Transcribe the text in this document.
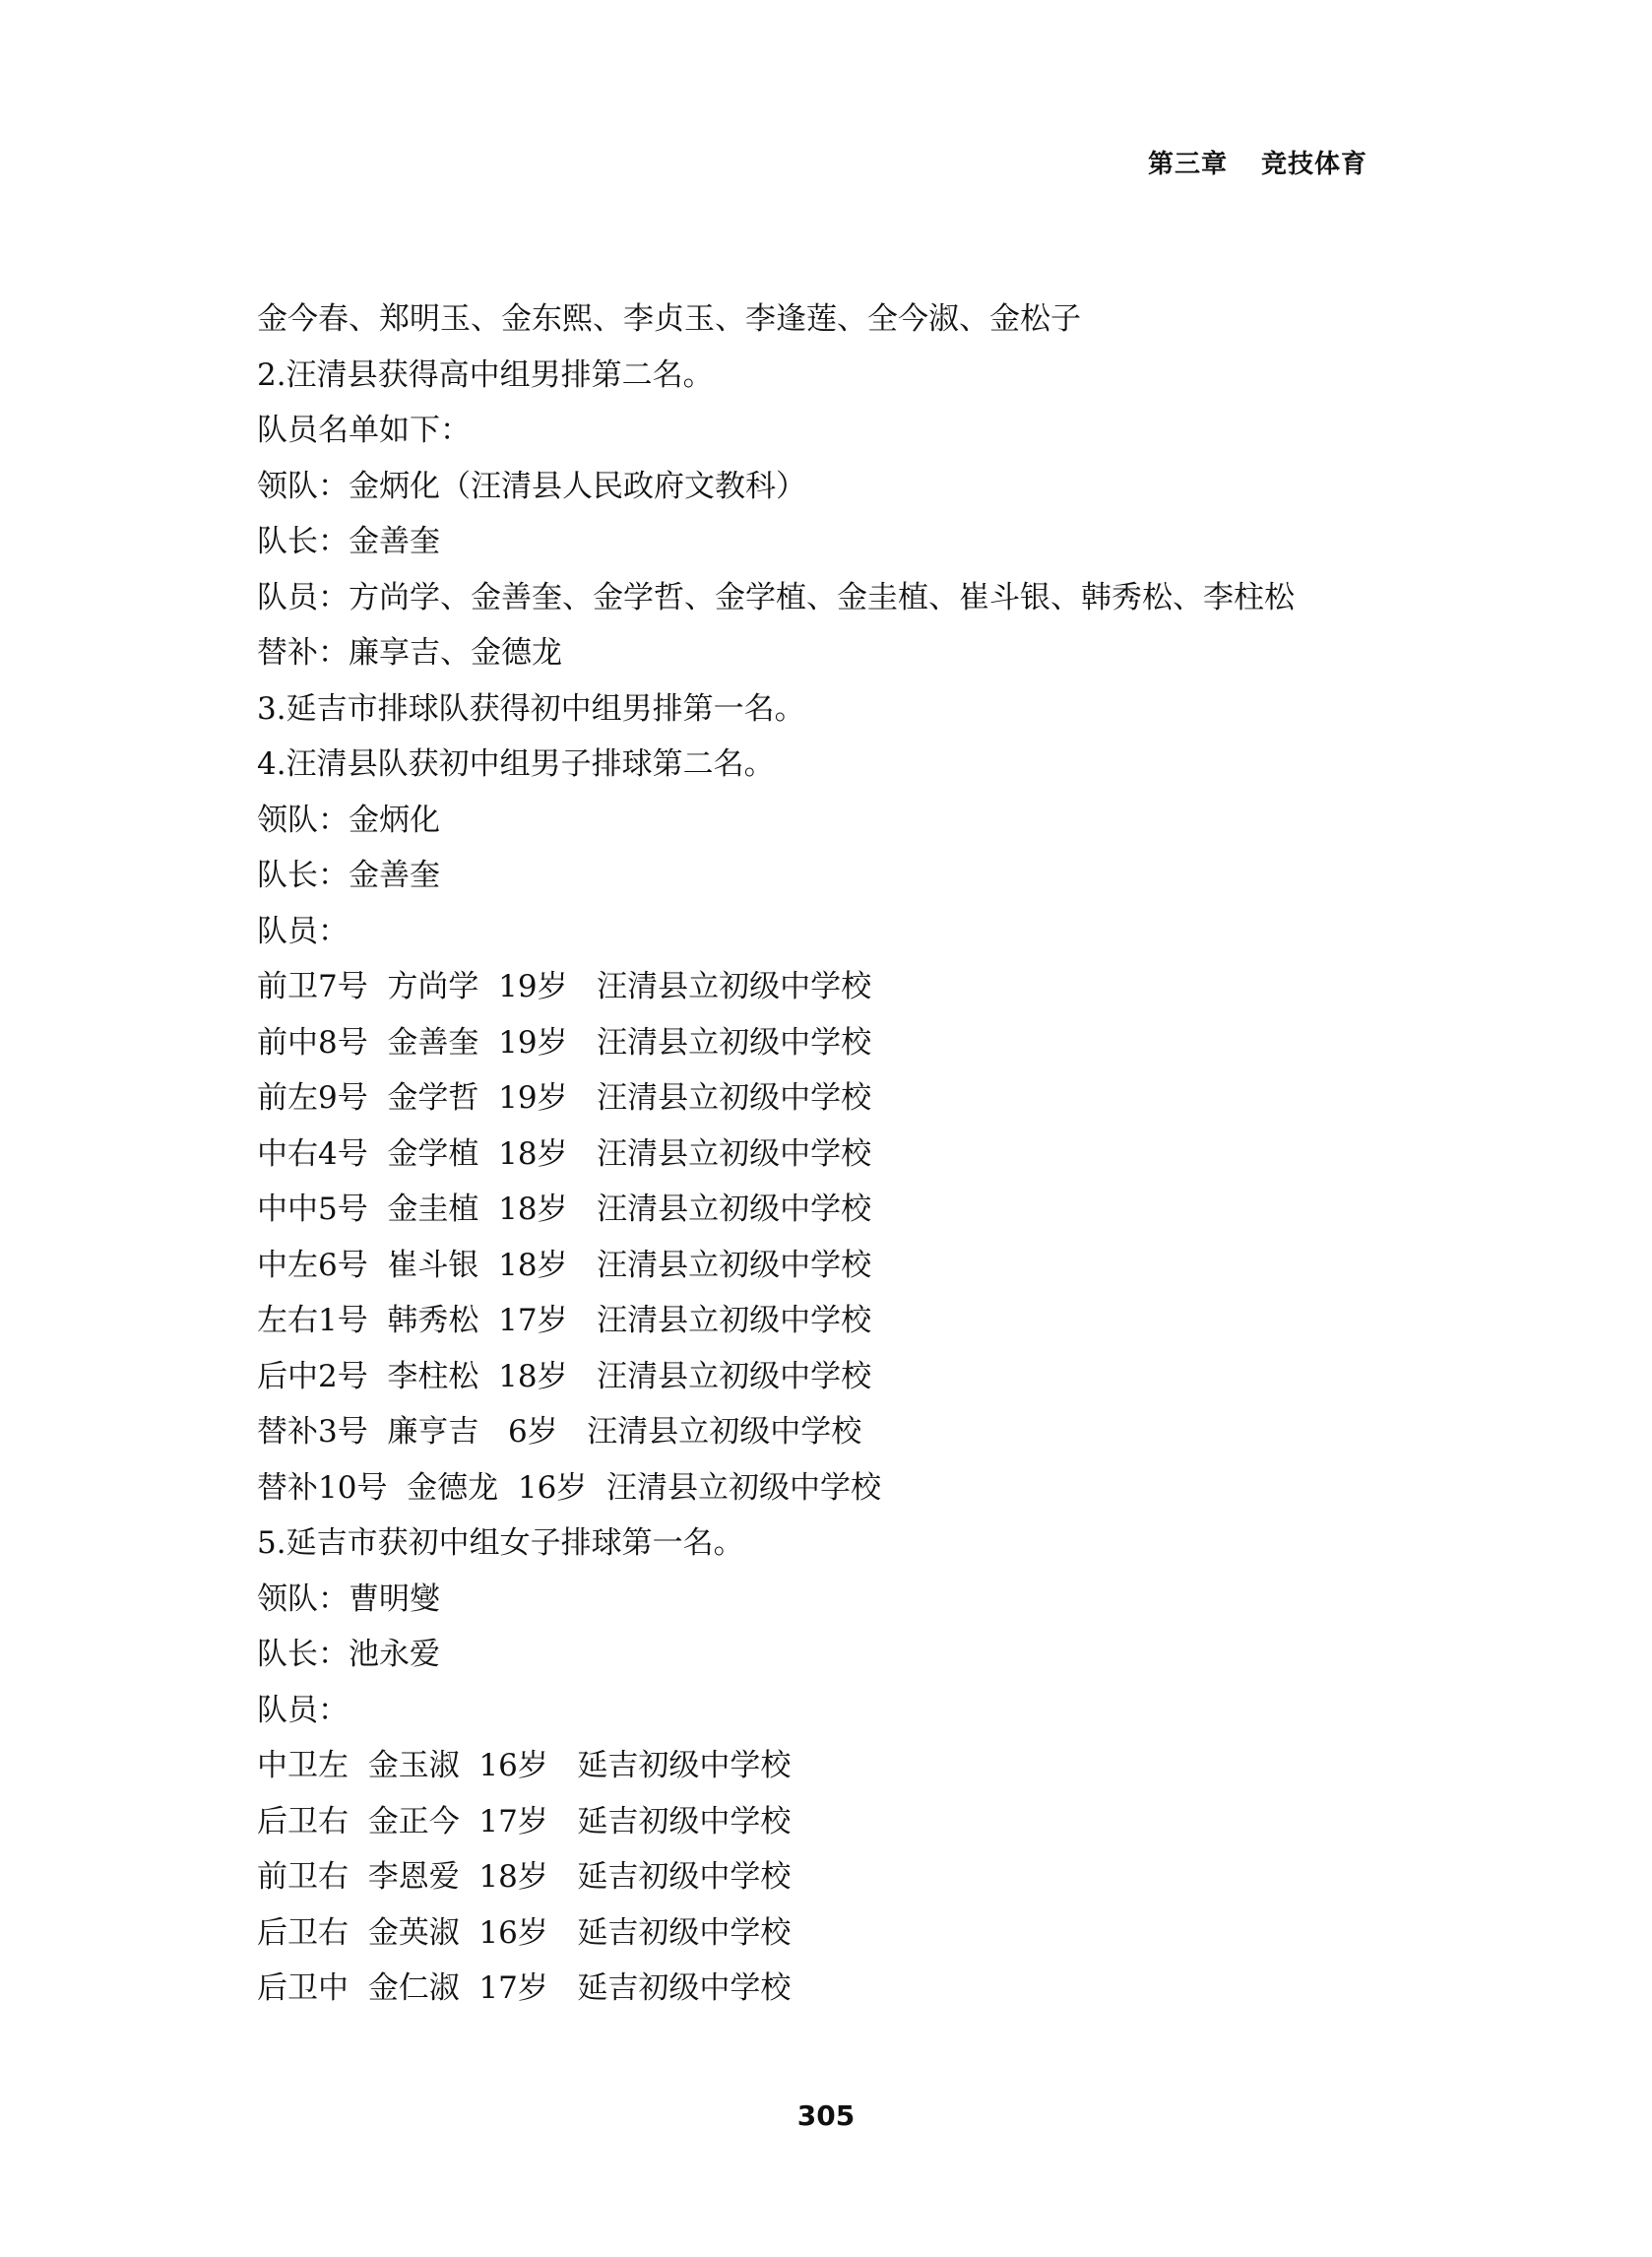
第三章 竞技体育
金今春、郑明玉、金东熙、李贞玉、李逢莲、全今淑、金松子
2.汪清县获得高中组男排第二名。
队员名单如下：
领队：金炳化（汪清县人民政府文教科）
队长：金善奎
队员：方尚学、金善奎、金学哲、金学植、金圭植、崔斗银、韩秀松、李柱松
替补：廉享吉、金德龙
3.延吉市排球队获得初中组男排第一名。
4.汪清县队获初中组男子排球第二名。
领队：金炳化
队长：金善奎
队员：
前卫7号  方尚学  19岁   汪清县立初级中学校
前中8号  金善奎  19岁   汪清县立初级中学校
前左9号  金学哲  19岁   汪清县立初级中学校
中右4号  金学植  18岁   汪清县立初级中学校
中中5号  金圭植  18岁   汪清县立初级中学校
中左6号  崔斗银  18岁   汪清县立初级中学校
左右1号  韩秀松  17岁   汪清县立初级中学校
后中2号  李柱松  18岁   汪清县立初级中学校
替补3号  廉亨吉   6岁   汪清县立初级中学校
替补10号  金德龙  16岁  汪清县立初级中学校
5.延吉市获初中组女子排球第一名。
领队：曹明燮
队长：池永爱
队员：
中卫左  金玉淑  16岁   延吉初级中学校
后卫右  金正今  17岁   延吉初级中学校
前卫右  李恩爱  18岁   延吉初级中学校
后卫右  金英淑  16岁   延吉初级中学校
后卫中  金仁淑  17岁   延吉初级中学校
305
